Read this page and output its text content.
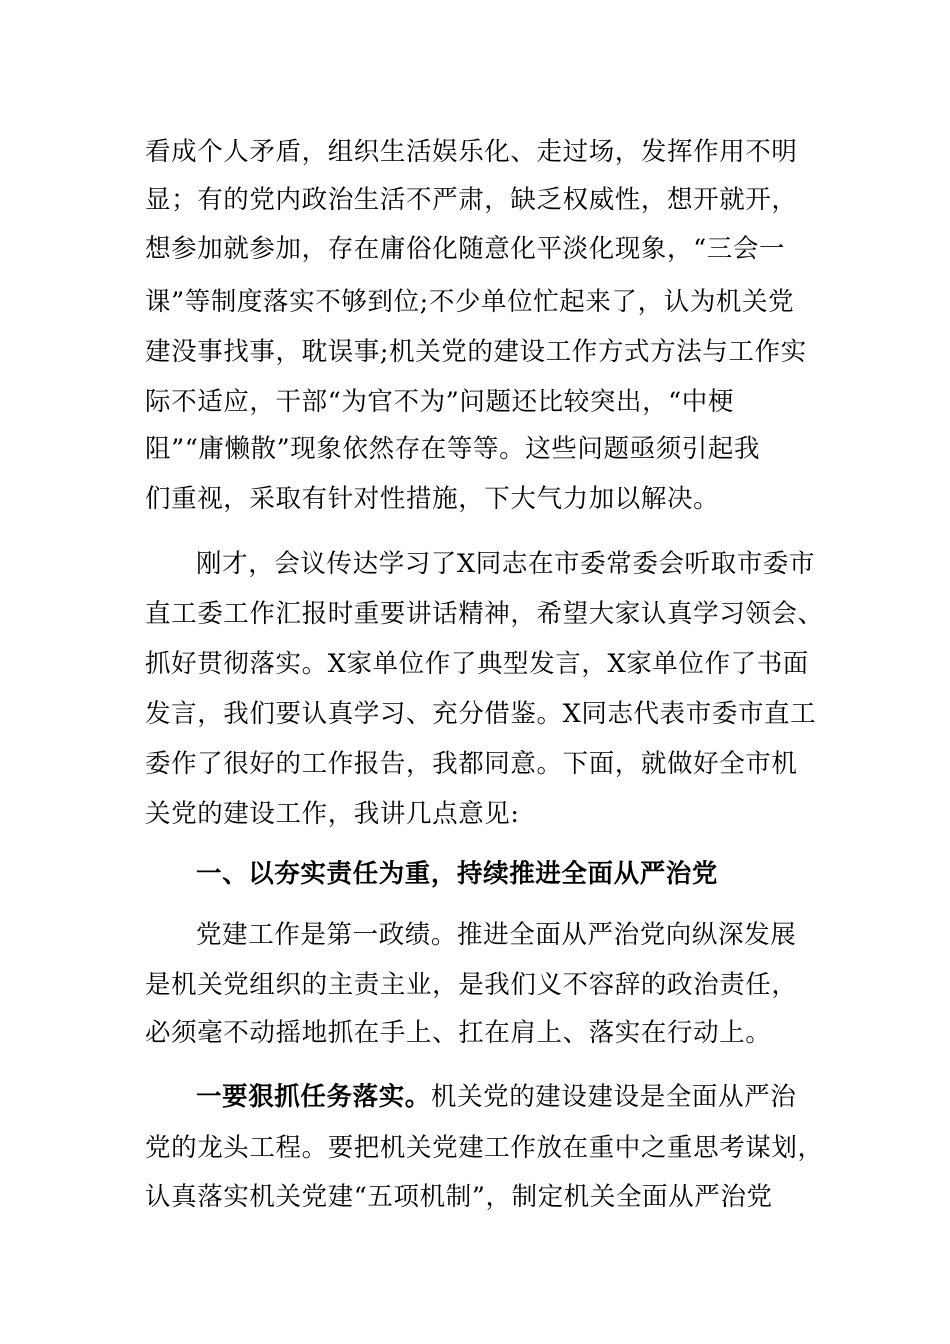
看成个人矛盾，组织生活娱乐化、走过场，发挥作用不明
显；有的党内政治生活不严肃，缺乏权威性，想开就开，
想参加就参加，存在庸俗化随意化平淡化现象，“三会一
课”等制度落实不够到位;不少单位忙起来了，认为机关党
建没事找事，耽误事;机关党的建设工作方式方法与工作实
际不适应，干部“为官不为”问题还比较突出，“中梗
阻”“庸懒散”现象依然存在等等。这些问题亟须引起我
们重视，采取有针对性措施，下大气力加以解决。
刚才，会议传达学习了X同志在市委常委会听取市委市
直工委工作汇报时重要讲话精神，希望大家认真学习领会、
抓好贯彻落实。X家单位作了典型发言，X家单位作了书面
发言，我们要认真学习、充分借鉴。X同志代表市委市直工
委作了很好的工作报告，我都同意。下面，就做好全市机
关党的建设工作，我讲几点意见:
一、以夯实责任为重，持续推进全面从严治党
党建工作是第一政绩。推进全面从严治党向纵深发展
是机关党组织的主责主业，是我们义不容辞的政治责任，
必须毫不动摇地抓在手上、扛在肩上、落实在行动上。
一要狠抓任务落实。机关党的建设建设是全面从严治
党的龙头工程。要把机关党建工作放在重中之重思考谋划，
认真落实机关党建“五项机制”，制定机关全面从严治党
